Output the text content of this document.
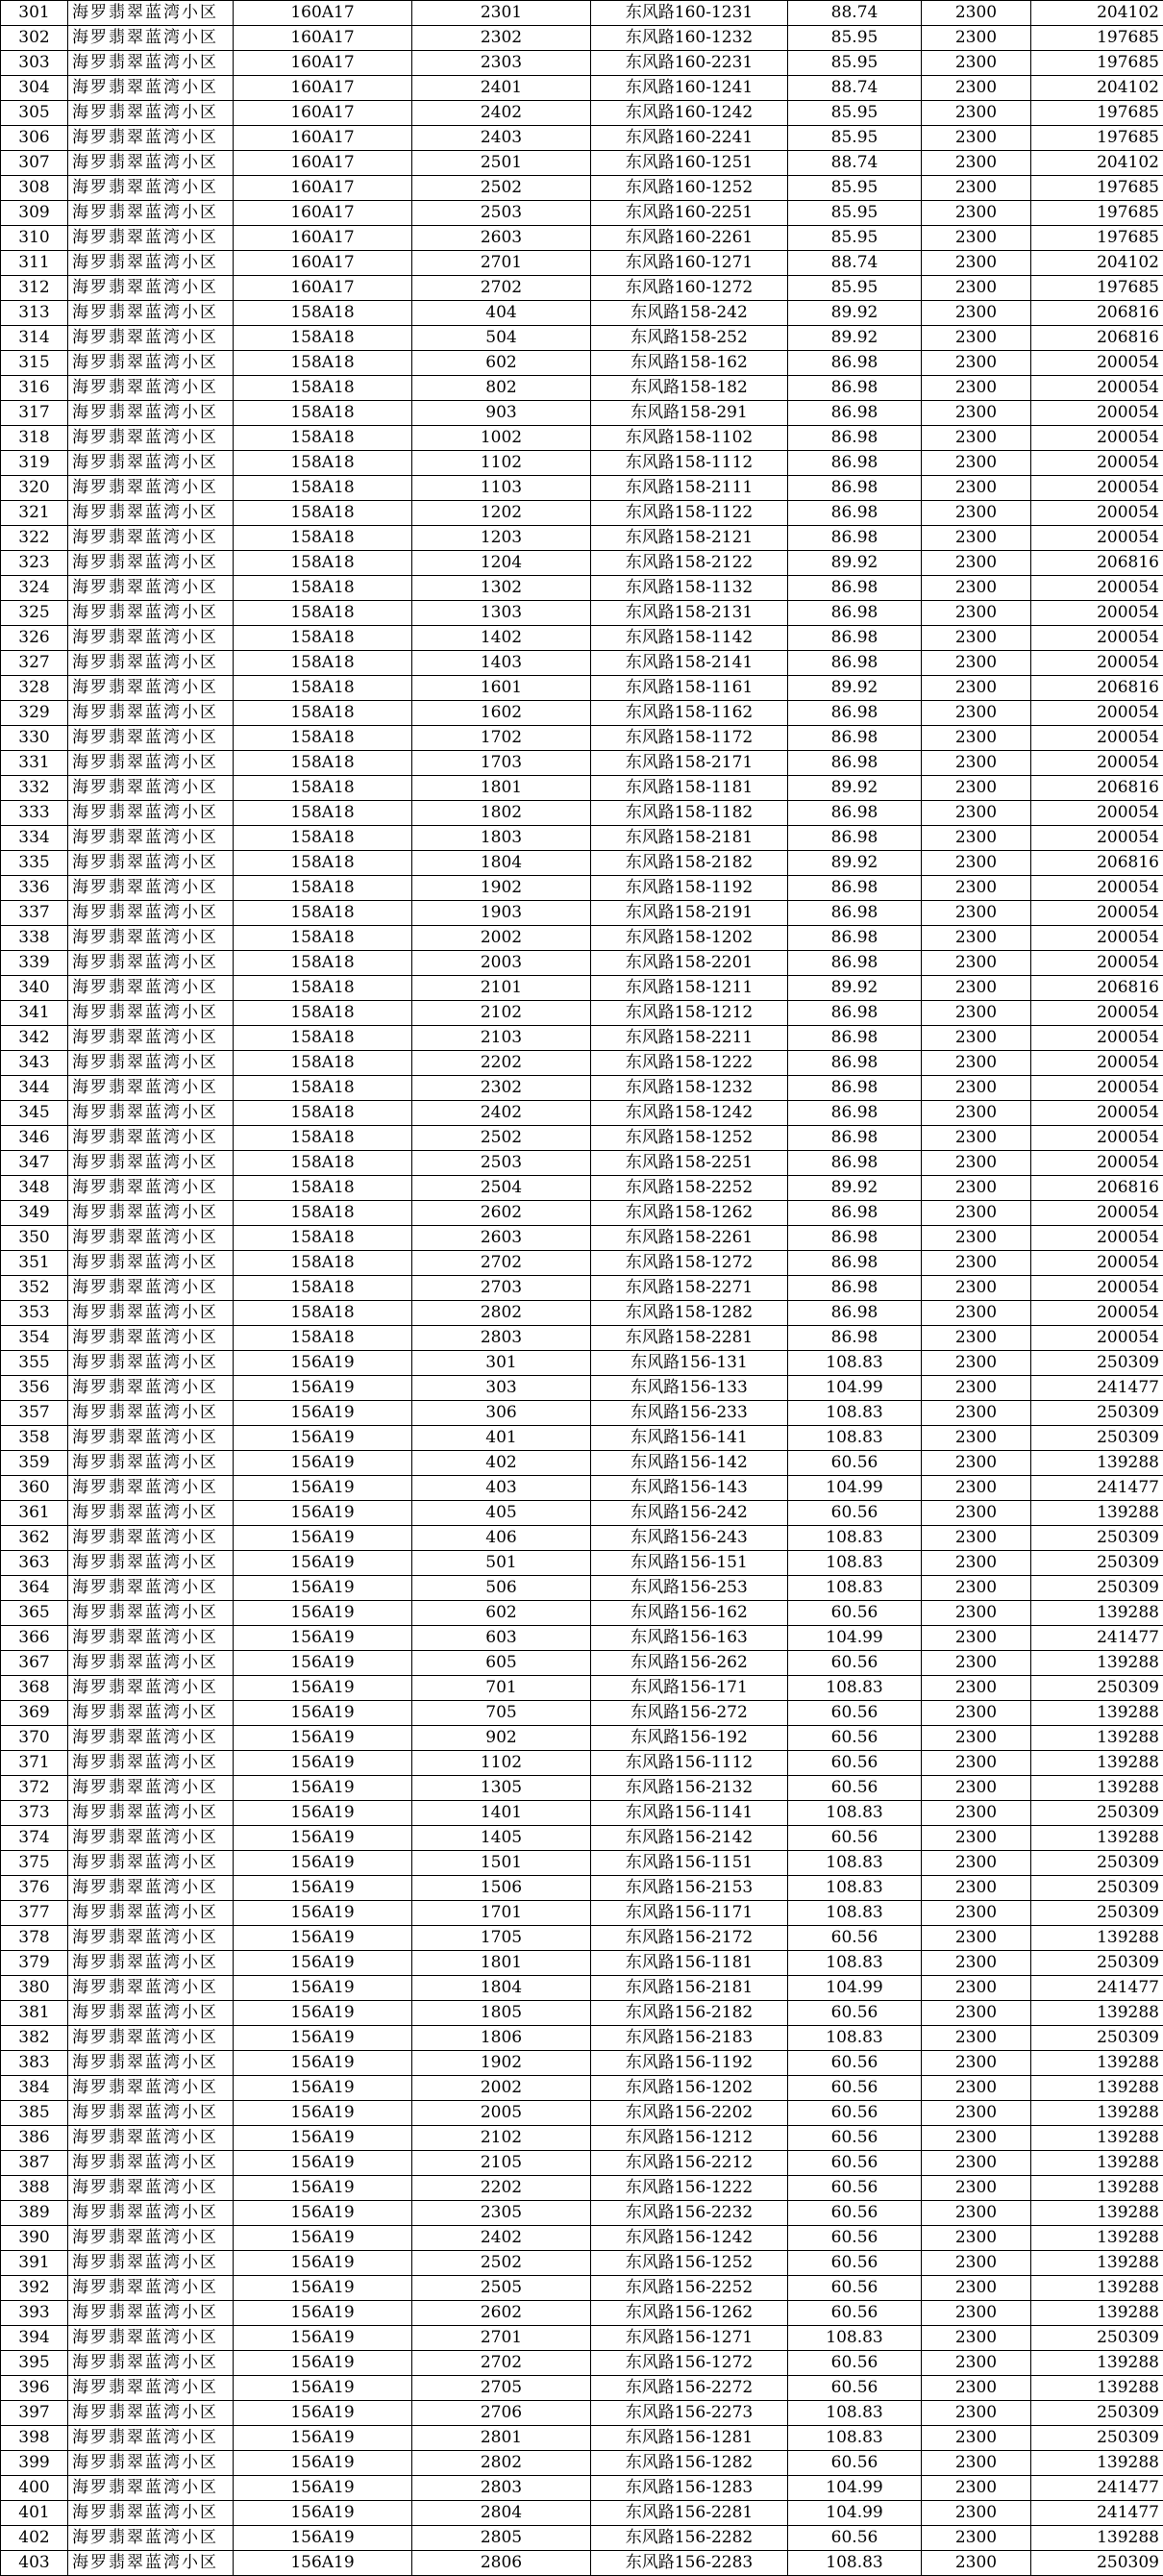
301	海罗翡翠蓝湾小区	160A17	2301	东风路160-1231	88.74	2300	204102
302	海罗翡翠蓝湾小区	160A17	2302	东风路160-1232	85.95	2300	197685
303	海罗翡翠蓝湾小区	160A17	2303	东风路160-2231	85.95	2300	197685
304	海罗翡翠蓝湾小区	160A17	2401	东风路160-1241	88.74	2300	204102
305	海罗翡翠蓝湾小区	160A17	2402	东风路160-1242	85.95	2300	197685
306	海罗翡翠蓝湾小区	160A17	2403	东风路160-2241	85.95	2300	197685
307	海罗翡翠蓝湾小区	160A17	2501	东风路160-1251	88.74	2300	204102
308	海罗翡翠蓝湾小区	160A17	2502	东风路160-1252	85.95	2300	197685
309	海罗翡翠蓝湾小区	160A17	2503	东风路160-2251	85.95	2300	197685
310	海罗翡翠蓝湾小区	160A17	2603	东风路160-2261	85.95	2300	197685
311	海罗翡翠蓝湾小区	160A17	2701	东风路160-1271	88.74	2300	204102
312	海罗翡翠蓝湾小区	160A17	2702	东风路160-1272	85.95	2300	197685
313	海罗翡翠蓝湾小区	158A18	404	东风路158-242	89.92	2300	206816
314	海罗翡翠蓝湾小区	158A18	504	东风路158-252	89.92	2300	206816
315	海罗翡翠蓝湾小区	158A18	602	东风路158-162	86.98	2300	200054
316	海罗翡翠蓝湾小区	158A18	802	东风路158-182	86.98	2300	200054
317	海罗翡翠蓝湾小区	158A18	903	东风路158-291	86.98	2300	200054
318	海罗翡翠蓝湾小区	158A18	1002	东风路158-1102	86.98	2300	200054
319	海罗翡翠蓝湾小区	158A18	1102	东风路158-1112	86.98	2300	200054
320	海罗翡翠蓝湾小区	158A18	1103	东风路158-2111	86.98	2300	200054
321	海罗翡翠蓝湾小区	158A18	1202	东风路158-1122	86.98	2300	200054
322	海罗翡翠蓝湾小区	158A18	1203	东风路158-2121	86.98	2300	200054
323	海罗翡翠蓝湾小区	158A18	1204	东风路158-2122	89.92	2300	206816
324	海罗翡翠蓝湾小区	158A18	1302	东风路158-1132	86.98	2300	200054
325	海罗翡翠蓝湾小区	158A18	1303	东风路158-2131	86.98	2300	200054
326	海罗翡翠蓝湾小区	158A18	1402	东风路158-1142	86.98	2300	200054
327	海罗翡翠蓝湾小区	158A18	1403	东风路158-2141	86.98	2300	200054
328	海罗翡翠蓝湾小区	158A18	1601	东风路158-1161	89.92	2300	206816
329	海罗翡翠蓝湾小区	158A18	1602	东风路158-1162	86.98	2300	200054
330	海罗翡翠蓝湾小区	158A18	1702	东风路158-1172	86.98	2300	200054
331	海罗翡翠蓝湾小区	158A18	1703	东风路158-2171	86.98	2300	200054
332	海罗翡翠蓝湾小区	158A18	1801	东风路158-1181	89.92	2300	206816
333	海罗翡翠蓝湾小区	158A18	1802	东风路158-1182	86.98	2300	200054
334	海罗翡翠蓝湾小区	158A18	1803	东风路158-2181	86.98	2300	200054
335	海罗翡翠蓝湾小区	158A18	1804	东风路158-2182	89.92	2300	206816
336	海罗翡翠蓝湾小区	158A18	1902	东风路158-1192	86.98	2300	200054
337	海罗翡翠蓝湾小区	158A18	1903	东风路158-2191	86.98	2300	200054
338	海罗翡翠蓝湾小区	158A18	2002	东风路158-1202	86.98	2300	200054
339	海罗翡翠蓝湾小区	158A18	2003	东风路158-2201	86.98	2300	200054
340	海罗翡翠蓝湾小区	158A18	2101	东风路158-1211	89.92	2300	206816
341	海罗翡翠蓝湾小区	158A18	2102	东风路158-1212	86.98	2300	200054
342	海罗翡翠蓝湾小区	158A18	2103	东风路158-2211	86.98	2300	200054
343	海罗翡翠蓝湾小区	158A18	2202	东风路158-1222	86.98	2300	200054
344	海罗翡翠蓝湾小区	158A18	2302	东风路158-1232	86.98	2300	200054
345	海罗翡翠蓝湾小区	158A18	2402	东风路158-1242	86.98	2300	200054
346	海罗翡翠蓝湾小区	158A18	2502	东风路158-1252	86.98	2300	200054
347	海罗翡翠蓝湾小区	158A18	2503	东风路158-2251	86.98	2300	200054
348	海罗翡翠蓝湾小区	158A18	2504	东风路158-2252	89.92	2300	206816
349	海罗翡翠蓝湾小区	158A18	2602	东风路158-1262	86.98	2300	200054
350	海罗翡翠蓝湾小区	158A18	2603	东风路158-2261	86.98	2300	200054
351	海罗翡翠蓝湾小区	158A18	2702	东风路158-1272	86.98	2300	200054
352	海罗翡翠蓝湾小区	158A18	2703	东风路158-2271	86.98	2300	200054
353	海罗翡翠蓝湾小区	158A18	2802	东风路158-1282	86.98	2300	200054
354	海罗翡翠蓝湾小区	158A18	2803	东风路158-2281	86.98	2300	200054
355	海罗翡翠蓝湾小区	156A19	301	东风路156-131	108.83	2300	250309
356	海罗翡翠蓝湾小区	156A19	303	东风路156-133	104.99	2300	241477
357	海罗翡翠蓝湾小区	156A19	306	东风路156-233	108.83	2300	250309
358	海罗翡翠蓝湾小区	156A19	401	东风路156-141	108.83	2300	250309
359	海罗翡翠蓝湾小区	156A19	402	东风路156-142	60.56	2300	139288
360	海罗翡翠蓝湾小区	156A19	403	东风路156-143	104.99	2300	241477
361	海罗翡翠蓝湾小区	156A19	405	东风路156-242	60.56	2300	139288
362	海罗翡翠蓝湾小区	156A19	406	东风路156-243	108.83	2300	250309
363	海罗翡翠蓝湾小区	156A19	501	东风路156-151	108.83	2300	250309
364	海罗翡翠蓝湾小区	156A19	506	东风路156-253	108.83	2300	250309
365	海罗翡翠蓝湾小区	156A19	602	东风路156-162	60.56	2300	139288
366	海罗翡翠蓝湾小区	156A19	603	东风路156-163	104.99	2300	241477
367	海罗翡翠蓝湾小区	156A19	605	东风路156-262	60.56	2300	139288
368	海罗翡翠蓝湾小区	156A19	701	东风路156-171	108.83	2300	250309
369	海罗翡翠蓝湾小区	156A19	705	东风路156-272	60.56	2300	139288
370	海罗翡翠蓝湾小区	156A19	902	东风路156-192	60.56	2300	139288
371	海罗翡翠蓝湾小区	156A19	1102	东风路156-1112	60.56	2300	139288
372	海罗翡翠蓝湾小区	156A19	1305	东风路156-2132	60.56	2300	139288
373	海罗翡翠蓝湾小区	156A19	1401	东风路156-1141	108.83	2300	250309
374	海罗翡翠蓝湾小区	156A19	1405	东风路156-2142	60.56	2300	139288
375	海罗翡翠蓝湾小区	156A19	1501	东风路156-1151	108.83	2300	250309
376	海罗翡翠蓝湾小区	156A19	1506	东风路156-2153	108.83	2300	250309
377	海罗翡翠蓝湾小区	156A19	1701	东风路156-1171	108.83	2300	250309
378	海罗翡翠蓝湾小区	156A19	1705	东风路156-2172	60.56	2300	139288
379	海罗翡翠蓝湾小区	156A19	1801	东风路156-1181	108.83	2300	250309
380	海罗翡翠蓝湾小区	156A19	1804	东风路156-2181	104.99	2300	241477
381	海罗翡翠蓝湾小区	156A19	1805	东风路156-2182	60.56	2300	139288
382	海罗翡翠蓝湾小区	156A19	1806	东风路156-2183	108.83	2300	250309
383	海罗翡翠蓝湾小区	156A19	1902	东风路156-1192	60.56	2300	139288
384	海罗翡翠蓝湾小区	156A19	2002	东风路156-1202	60.56	2300	139288
385	海罗翡翠蓝湾小区	156A19	2005	东风路156-2202	60.56	2300	139288
386	海罗翡翠蓝湾小区	156A19	2102	东风路156-1212	60.56	2300	139288
387	海罗翡翠蓝湾小区	156A19	2105	东风路156-2212	60.56	2300	139288
388	海罗翡翠蓝湾小区	156A19	2202	东风路156-1222	60.56	2300	139288
389	海罗翡翠蓝湾小区	156A19	2305	东风路156-2232	60.56	2300	139288
390	海罗翡翠蓝湾小区	156A19	2402	东风路156-1242	60.56	2300	139288
391	海罗翡翠蓝湾小区	156A19	2502	东风路156-1252	60.56	2300	139288
392	海罗翡翠蓝湾小区	156A19	2505	东风路156-2252	60.56	2300	139288
393	海罗翡翠蓝湾小区	156A19	2602	东风路156-1262	60.56	2300	139288
394	海罗翡翠蓝湾小区	156A19	2701	东风路156-1271	108.83	2300	250309
395	海罗翡翠蓝湾小区	156A19	2702	东风路156-1272	60.56	2300	139288
396	海罗翡翠蓝湾小区	156A19	2705	东风路156-2272	60.56	2300	139288
397	海罗翡翠蓝湾小区	156A19	2706	东风路156-2273	108.83	2300	250309
398	海罗翡翠蓝湾小区	156A19	2801	东风路156-1281	108.83	2300	250309
399	海罗翡翠蓝湾小区	156A19	2802	东风路156-1282	60.56	2300	139288
400	海罗翡翠蓝湾小区	156A19	2803	东风路156-1283	104.99	2300	241477
401	海罗翡翠蓝湾小区	156A19	2804	东风路156-2281	104.99	2300	241477
402	海罗翡翠蓝湾小区	156A19	2805	东风路156-2282	60.56	2300	139288
403	海罗翡翠蓝湾小区	156A19	2806	东风路156-2283	108.83	2300	250309
